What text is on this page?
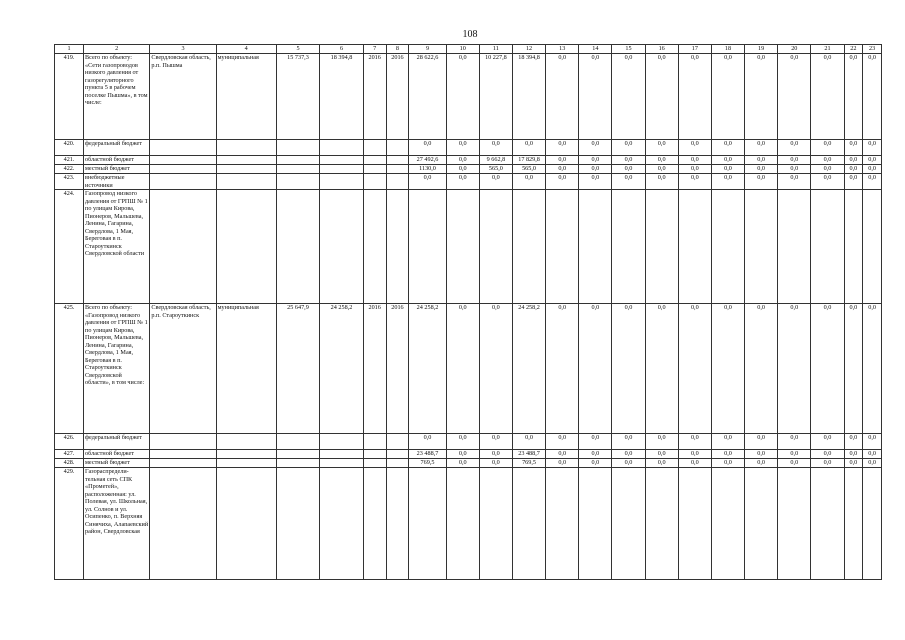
108
1	2	3	4	5	6	7	8	9	10	11	12	13	14	15	16	17	18	19	20	21	22	23
419.	Всего по объекту: «Сети газопроводов низкого давления от газорегуляторного пункта 5 в рабочем поселке Пышма», в том числе:	Свердловская область, р.п. Пышма	муниципальная	15 737,3	18 394,8	2016	2016	28 622,6	0,0	10 227,8	18 394,8	0,0	0,0	0,0	0,0	0,0	0,0	0,0	0,0	0,0	0,0	0,0
420.	федеральный бюджет							0,0	0,0	0,0	0,0	0,0	0,0	0,0	0,0	0,0	0,0	0,0	0,0	0,0	0,0	0,0
421.	областной бюджет							27 492,6	0,0	9 662,8	17 829,8	0,0	0,0	0,0	0,0	0,0	0,0	0,0	0,0	0,0	0,0	0,0
422.	местный бюджет							1130,0	0,0	565,0	565,0	0,0	0,0	0,0	0,0	0,0	0,0	0,0	0,0	0,0	0,0	0,0
423.	внебюджетные источники							0,0	0,0	0,0	0,0	0,0	0,0	0,0	0,0	0,0	0,0	0,0	0,0	0,0	0,0	0,0
424.	Газопровод низкого давления от ГРПШ № 1 по улицам Кирова, Пионеров, Мальшева, Ленина, Гагарина, Свердлова, 1 Мая, Береговая в п. Староуткинск Свердловской области																					
425.	Всего по объекту: «Газопровод низкого давления от ГРПШ № 1 по улицам Кирова, Пионеров, Мальшева, Ленина, Гагарина, Свердлова, 1 Мая, Береговая в п. Староуткинск Свердловской области», в том числе:	Свердловская область, р.п. Староуткинск	муниципальная	25 647,9	24 258,2	2016	2016	24 258,2	0,0	0,0	24 258,2	0,0	0,0	0,0	0,0	0,0	0,0	0,0	0,0	0,0	0,0	0,0
426.	федеральный бюджет							0,0	0,0	0,0	0,0	0,0	0,0	0,0	0,0	0,0	0,0	0,0	0,0	0,0	0,0	0,0
427.	областной бюджет							23 488,7	0,0	0,0	23 488,7	0,0	0,0	0,0	0,0	0,0	0,0	0,0	0,0	0,0	0,0	0,0
428.	местный бюджет							769,5	0,0	0,0	769,5	0,0	0,0	0,0	0,0	0,0	0,0	0,0	0,0	0,0	0,0	0,0
429.	Газораспредели-тельная сеть СПК «Прометей», расположенная: ул. Полевая, ул. Школьная, ул. Солнов и ул. Осипенко, п. Верхняя Синячиха, Алапаевский район, Свердловская																					
